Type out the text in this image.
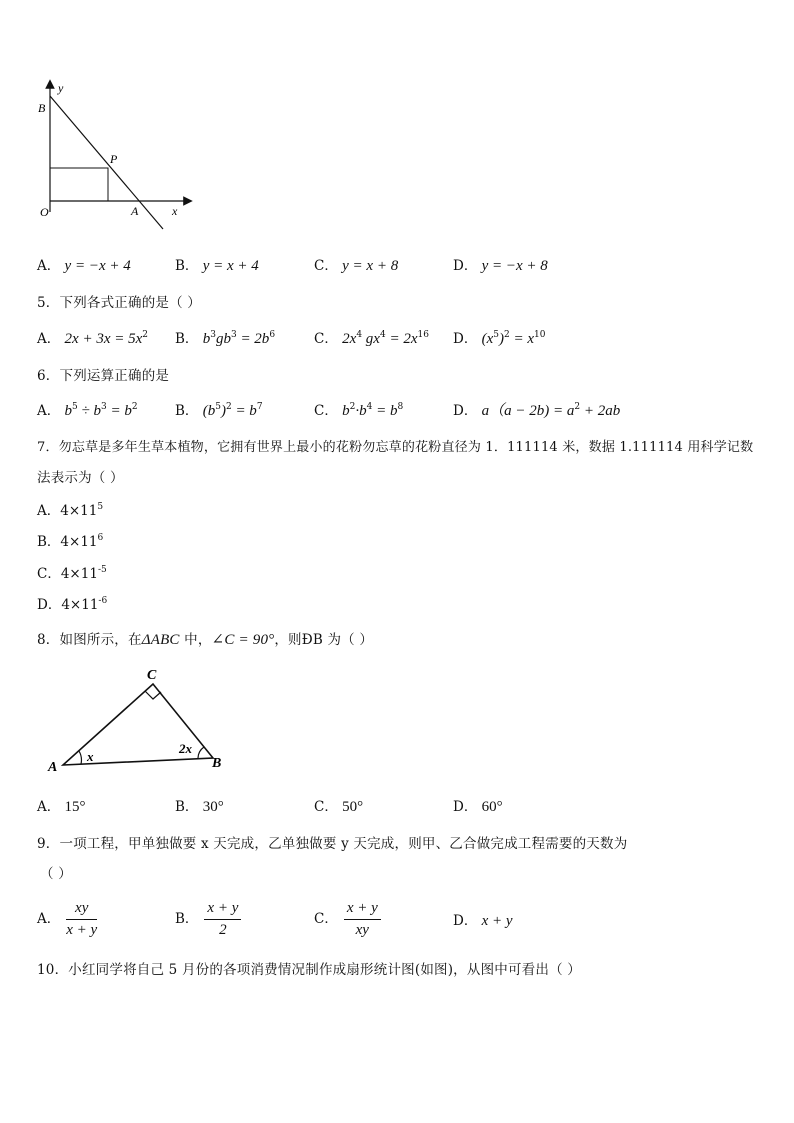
y
x
B
P
O	A
A． y = −x + 4	B． y = x + 4	C． y = x + 8	D． y = −x + 8
5．下列各式正确的是（ ）
A． $2x + 3x = 5x^2$ B． $b^3gb^3 = 2b^6$	C． $2x^4$ $gx^4 = 2x^{16}$ D． $(x^5)^2 = x^{10}$
6．下列运算正确的是
A． $b^5 \div b^3 = b^2$	B． $(b^5)^2 = b^7$	C． $b^2\cdot b^4 = b^8$	D． $a(a - 2b) = a^2 + 2ab$
7．勿忘草是多年生草本植物，它拥有世界上最小的花粉勿忘草的花粉直径为 1．111114 米，数据 1.111114 用科学记数
法表示为（ ）
A．$4\times 11^5$
B．$4\times 11^6$
C．$4\times 11^{-5}$
D．$4\times 11^{-6}$
8．如图所示，在ΔABC 中，∠C = 90°，则ÐB 为（ ）
C
A	B
x
2x
A． 15°	B． 30°	C． 50°	D． 60°
9．一项工程，甲单独做要 x 天完成，乙单独做要 y 天完成，则甲、乙合做完成工程需要的天数为
（ ）
A． $\frac{xy}{x + y}$	B． $\frac{x + y}{2}$	C． $\frac{x + y}{xy}$	D． x + y
10．小红同学将自己 5 月份的各项消费情况制作成扇形统计图(如图)，从图中可看出（ ）
